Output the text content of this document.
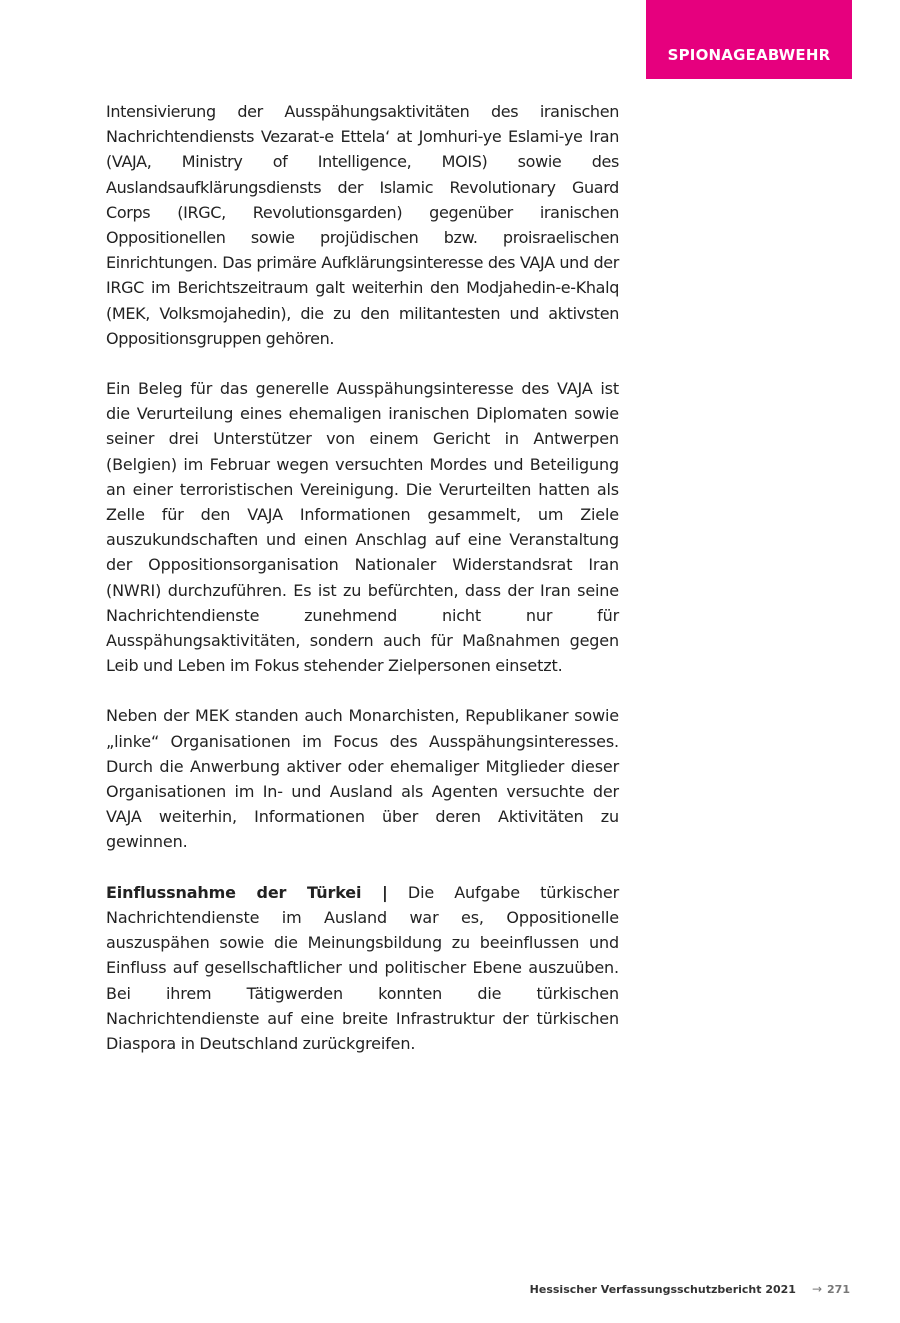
SPIONAGEABWEHR

Intensivierung der Ausspähungsaktivitäten des iranischen Nachrichtendiensts Vezarat-e Ettela‘ at Jomhuri-ye Eslami-ye Iran (VAJA, Ministry of Intelligence, MOIS) sowie des Auslandsaufklärungsdiensts der Islamic Revolutionary Guard Corps (IRGC, Revolutionsgarden) gegenüber iranischen Oppositionellen sowie projüdischen bzw. proisraelischen Einrichtungen. Das primäre Aufklärungsinteresse des VAJA und der IRGC im Berichtszeitraum galt weiterhin den Modjahedin-e-Khalq (MEK, Volksmojahedin), die zu den militantesten und aktivsten Oppositionsgruppen gehören.

Ein Beleg für das generelle Ausspähungsinteresse des VAJA ist die Verurteilung eines ehemaligen iranischen Diplomaten sowie seiner drei Unterstützer von einem Gericht in Antwerpen (Belgien) im Februar wegen versuchten Mordes und Beteiligung an einer terroristischen Vereinigung. Die Verurteilten hatten als Zelle für den VAJA Informationen gesammelt, um Ziele auszukundschaften und einen Anschlag auf eine Veranstaltung der Oppositionsorganisation Nationaler Widerstandsrat Iran (NWRI) durchzuführen. Es ist zu befürchten, dass der Iran seine Nachrichtendienste zunehmend nicht nur für Ausspähungsaktivitäten, sondern auch für Maßnahmen gegen Leib und Leben im Fokus stehender Zielpersonen einsetzt.

Neben der MEK standen auch Monarchisten, Republikaner sowie „linke“ Organisationen im Focus des Ausspähungsinteresses. Durch die Anwerbung aktiver oder ehemaliger Mitglieder dieser Organisationen im In- und Ausland als Agenten versuchte der VAJA weiterhin, Informationen über deren Aktivitäten zu gewinnen.

Einflussnahme der Türkei | Die Aufgabe türkischer Nachrichtendienste im Ausland war es, Oppositionelle auszuspähen sowie die Meinungsbildung zu beeinflussen und Einfluss auf gesellschaftlicher und politischer Ebene auszuüben. Bei ihrem Tätigwerden konnten die türkischen Nachrichtendienste auf eine breite Infrastruktur der türkischen Diaspora in Deutschland zurückgreifen.

Hessischer Verfassungsschutzbericht 2021 → 271
